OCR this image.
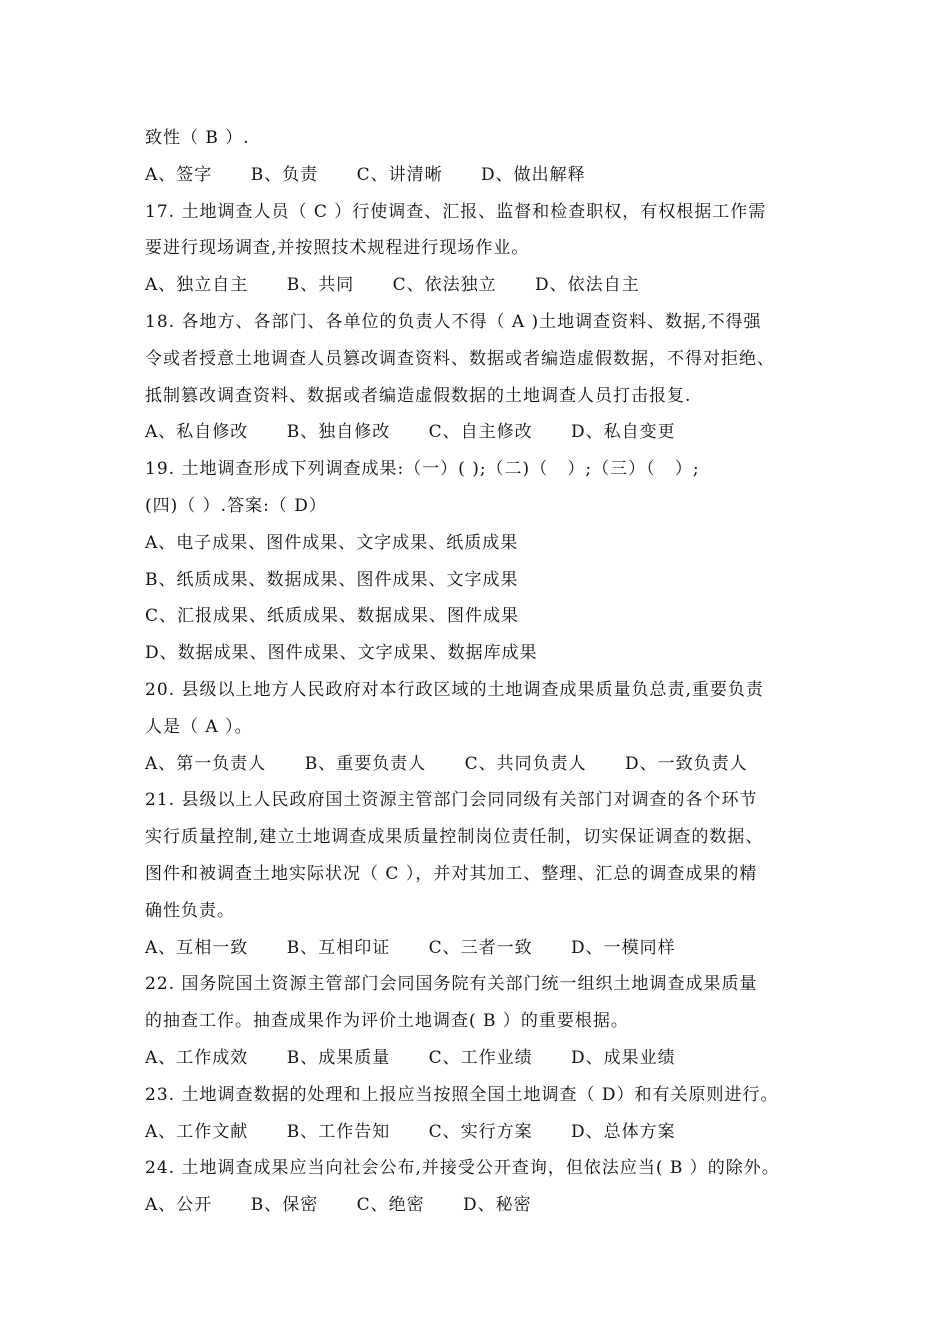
致性（ B ）.
A、签字      B、负责      C、讲清晰      D、做出解释
17. 土地调查人员（ C ）行使调查、汇报、监督和检查职权，有权根据工作需
要进行现场调查,并按照技术规程进行现场作业。
A、独立自主      B、共同      C、依法独立      D、依法自主
18. 各地方、各部门、各单位的负责人不得（ A )土地调查资料、数据,不得强
令或者授意土地调查人员篡改调查资料、数据或者编造虚假数据，不得对拒绝、
抵制篡改调查资料、数据或者编造虚假数据的土地调查人员打击报复.
A、私自修改      B、独自修改      C、自主修改      D、私自变更
19. 土地调查形成下列调查成果:（一）( );（二)（   ）;（三）（   ）;
(四)（ ）.答案:（ D）
A、电子成果、图件成果、文字成果、纸质成果
B、纸质成果、数据成果、图件成果、文字成果
C、汇报成果、纸质成果、数据成果、图件成果
D、数据成果、图件成果、文字成果、数据库成果
20. 县级以上地方人民政府对本行政区域的土地调查成果质量负总责,重要负责
人是（ A ）。
A、第一负责人      B、重要负责人      C、共同负责人      D、一致负责人
21. 县级以上人民政府国土资源主管部门会同同级有关部门对调查的各个环节
实行质量控制,建立土地调查成果质量控制岗位责任制，切实保证调查的数据、
图件和被调查土地实际状况（ C ），并对其加工、整理、汇总的调查成果的精
确性负责。
A、互相一致      B、互相印证      C、三者一致      D、一模同样
22. 国务院国土资源主管部门会同国务院有关部门统一组织土地调查成果质量
的抽查工作。抽查成果作为评价土地调查( B ）的重要根据。
A、工作成效      B、成果质量      C、工作业绩      D、成果业绩
23. 土地调查数据的处理和上报应当按照全国土地调查（ D）和有关原则进行。
A、工作文献      B、工作告知      C、实行方案      D、总体方案
24. 土地调查成果应当向社会公布,并接受公开查询，但依法应当( B ）的除外。
A、公开      B、保密      C、绝密      D、秘密
